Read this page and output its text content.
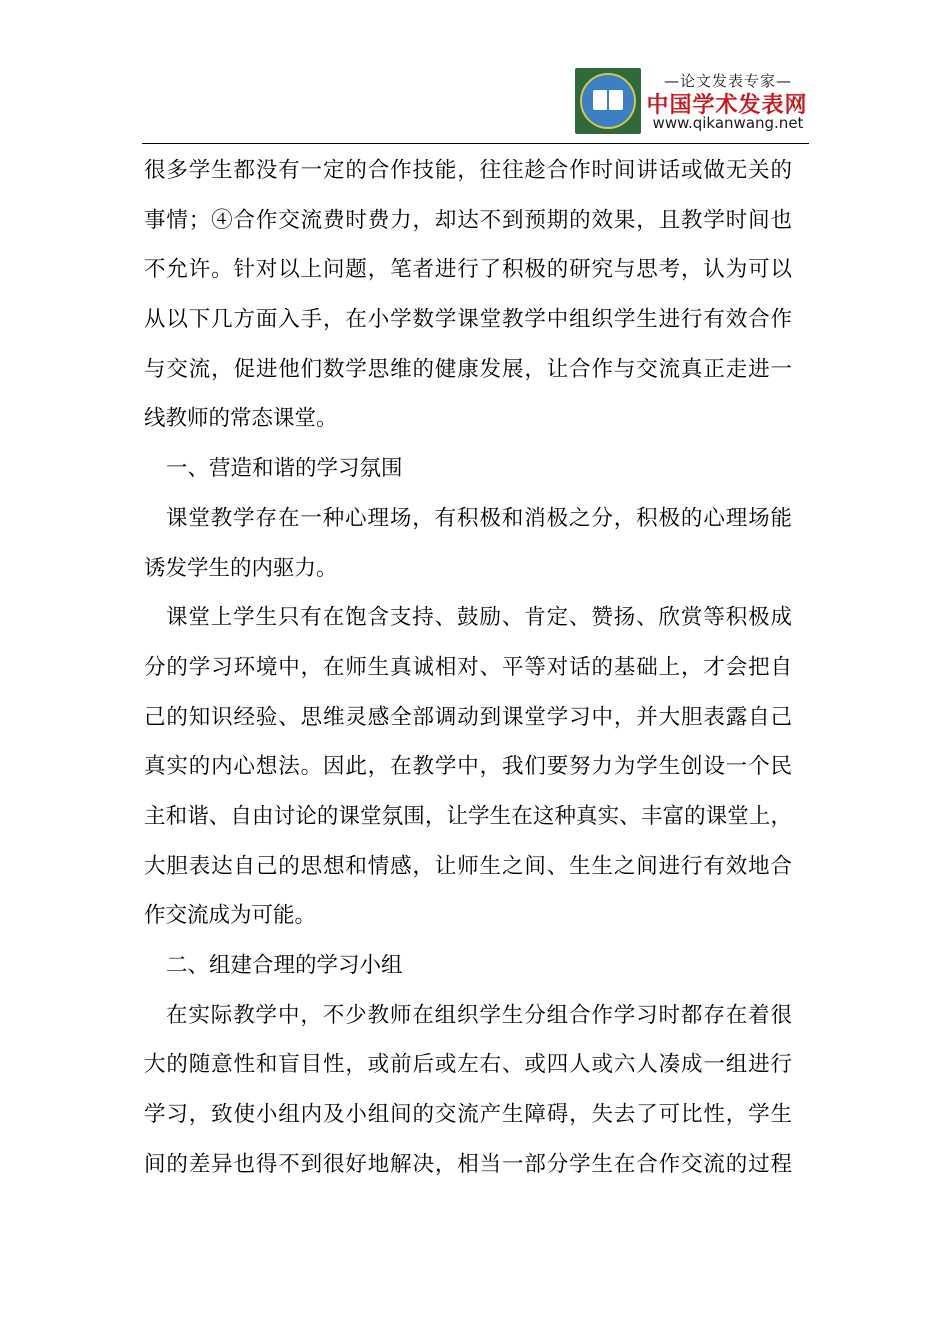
—论文发表专家—
中国学术发表网
www.qikanwang.net
很多学生都没有一定的合作技能，往往趁合作时间讲话或做无关的
事情；④合作交流费时费力，却达不到预期的效果，且教学时间也
不允许。针对以上问题，笔者进行了积极的研究与思考，认为可以
从以下几方面入手，在小学数学课堂教学中组织学生进行有效合作
与交流，促进他们数学思维的健康发展，让合作与交流真正走进一
线教师的常态课堂。
一、营造和谐的学习氛围
课堂教学存在一种心理场，有积极和消极之分，积极的心理场能
诱发学生的内驱力。
课堂上学生只有在饱含支持、鼓励、肯定、赞扬、欣赏等积极成
分的学习环境中，在师生真诚相对、平等对话的基础上，才会把自
己的知识经验、思维灵感全部调动到课堂学习中，并大胆表露自己
真实的内心想法。因此，在教学中，我们要努力为学生创设一个民
主和谐、自由讨论的课堂氛围，让学生在这种真实、丰富的课堂上，
大胆表达自己的思想和情感，让师生之间、生生之间进行有效地合
作交流成为可能。
二、组建合理的学习小组
在实际教学中，不少教师在组织学生分组合作学习时都存在着很
大的随意性和盲目性，或前后或左右、或四人或六人凑成一组进行
学习，致使小组内及小组间的交流产生障碍，失去了可比性，学生
间的差异也得不到很好地解决，相当一部分学生在合作交流的过程
